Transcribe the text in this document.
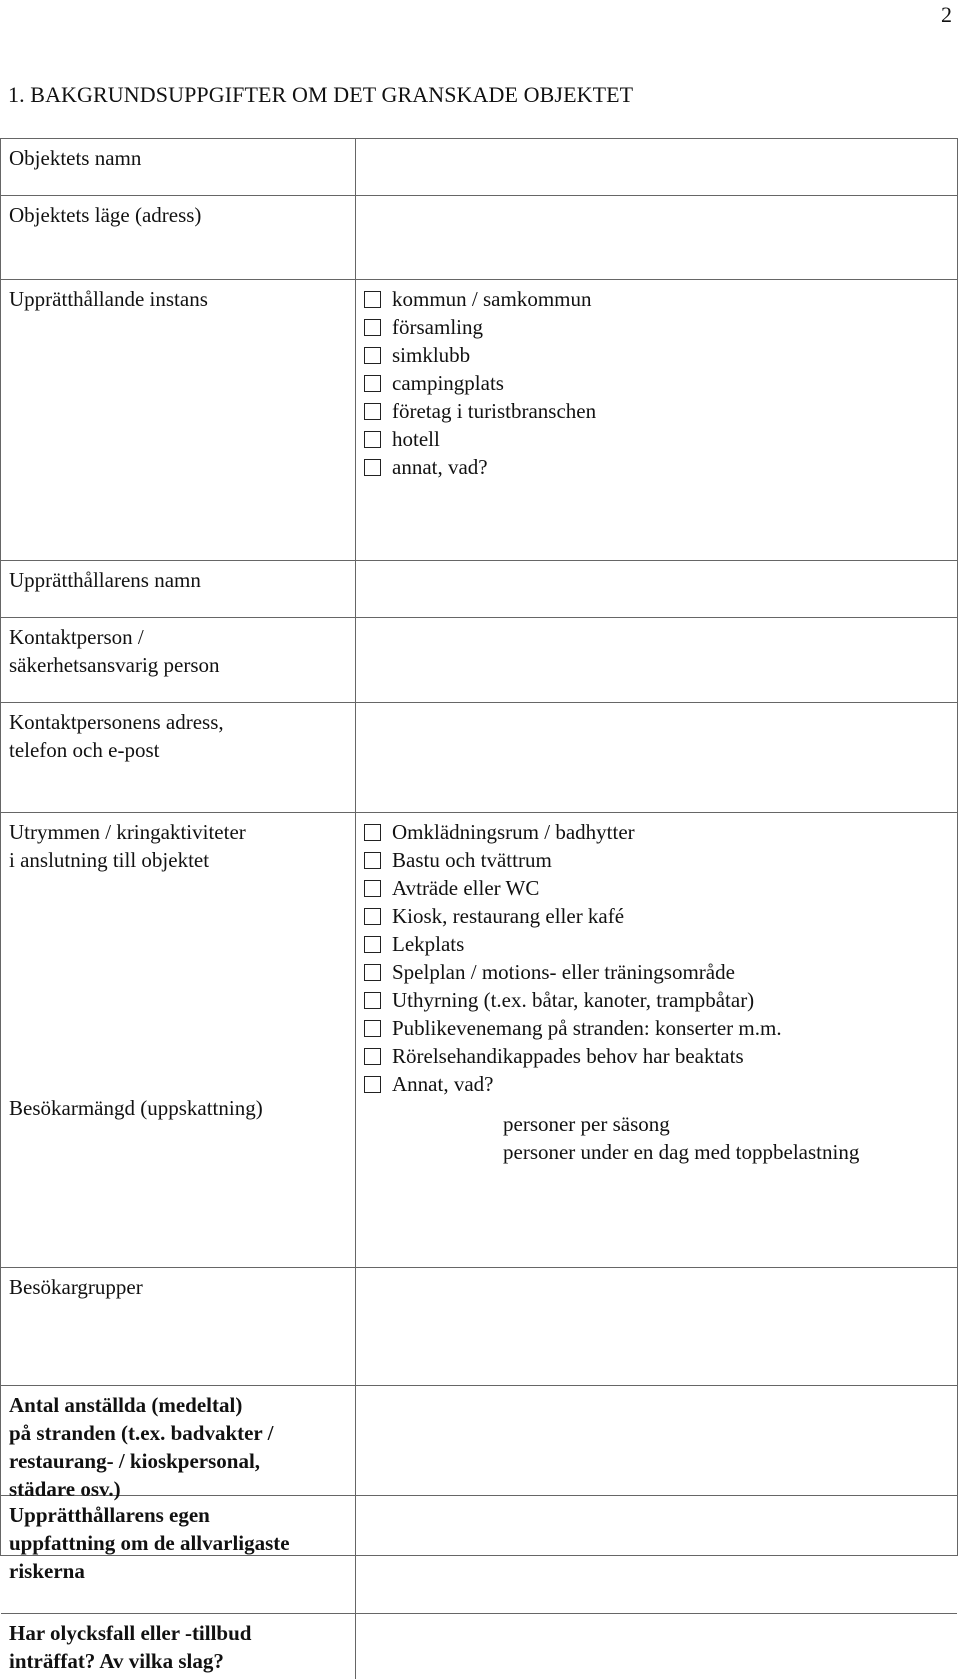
2
1. BAKGRUNDSUPPGIFTER OM DET GRANSKADE OBJEKTET
Objektets namn
Objektets läge (adress)
Upprätthållande instans	kommun / samkommun
församling
simklubb
campingplats
företag i turistbranschen
hotell
annat, vad?
Upprätthållarens namn
Kontaktperson /
säkerhetsansvarig person
Kontaktpersonens adress,
telefon och e-post
Utrymmen / kringaktiviteter
i anslutning till objektet
Besökarmängd (uppskattning)
Omklädningsrum / badhytter
Bastu och tvättrum
Avträde eller WC
Kiosk, restaurang eller kafé
Lekplats
Spelplan / motions- eller träningsområde
Uthyrning (t.ex. båtar, kanoter, trampbåtar)
Publikevenemang på stranden: konserter m.m.
Rörelsehandikappades behov har beaktats
Annat, vad?
personer per säsong
personer under en dag med toppbelastning
Besökargrupper
Antal anställda (medeltal)
på stranden (t.ex. badvakter /
restaurang- / kioskpersonal,
städare osv.)
Upprätthållarens egen
uppfattning om de allvarligaste
riskerna
Har olycksfall eller -tillbud
inträffat? Av vilka slag?
